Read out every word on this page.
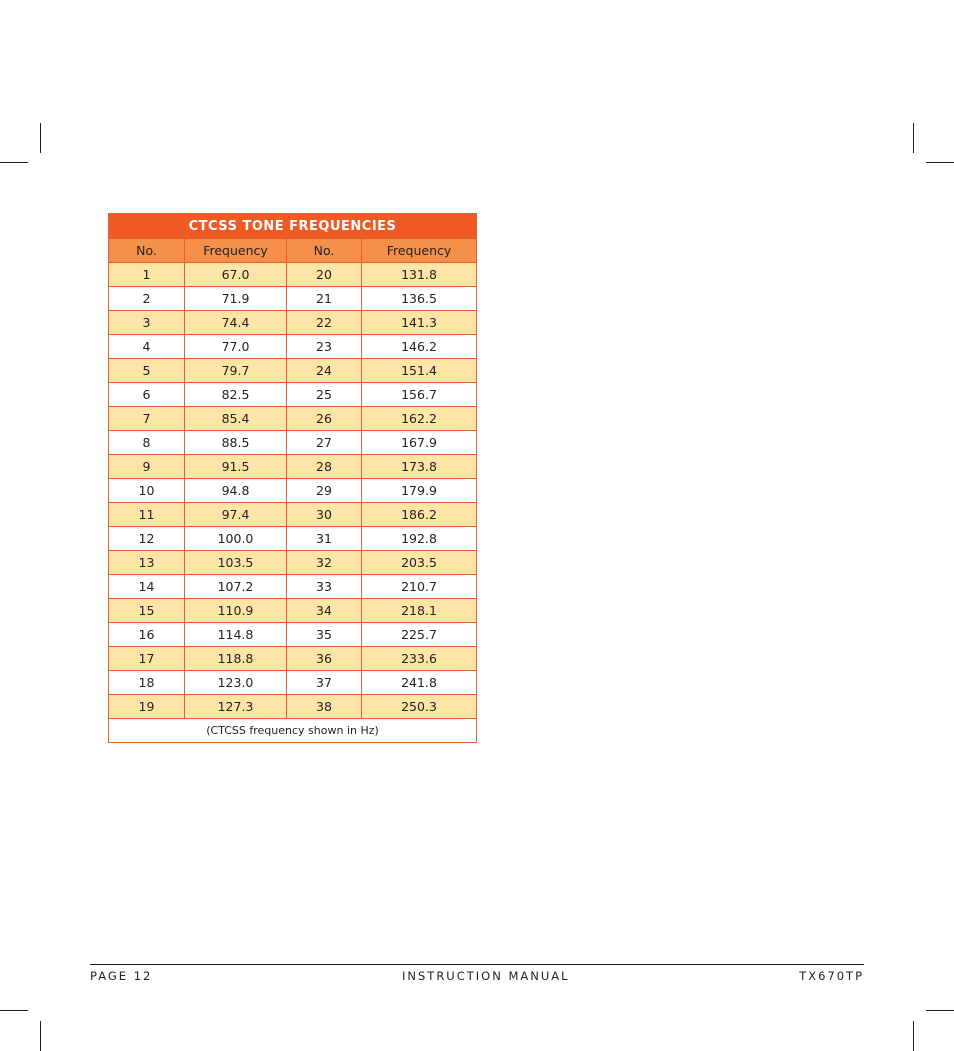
CTCSS TONE FREQUENCIES			
No.	Frequency	No.	Frequency
1	67.0	20	131.8
2	71.9	21	136.5
3	74.4	22	141.3
4	77.0	23	146.2
5	79.7	24	151.4
6	82.5	25	156.7
7	85.4	26	162.2
8	88.5	27	167.9
9	91.5	28	173.8
10	94.8	29	179.9
11	97.4	30	186.2
12	100.0	31	192.8
13	103.5	32	203.5
14	107.2	33	210.7
15	110.9	34	218.1
16	114.8	35	225.7
17	118.8	36	233.6
18	123.0	37	241.8
19	127.3	38	250.3
(CTCSS frequency shown in Hz)			
PAGE 12	INSTRUCTION MANUAL	TX670TP
